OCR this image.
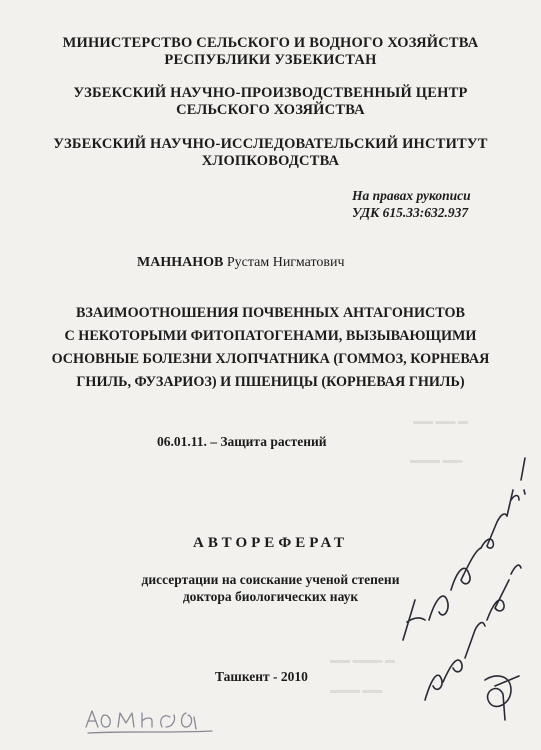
МИНИСТЕРСТВО СЕЛЬСКОГО И ВОДНОГО ХОЗЯЙСТВА
РЕСПУБЛИКИ УЗБЕКИСТАН
УЗБЕКСКИЙ НАУЧНО-ПРОИЗВОДСТВЕННЫЙ ЦЕНТР
СЕЛЬСКОГО ХОЗЯЙСТВА
УЗБЕКСКИЙ НАУЧНО-ИССЛЕДОВАТЕЛЬСКИЙ ИНСТИТУТ
ХЛОПКОВОДСТВА
На правах рукописи
УДК 615.33:632.937
МАННАНОВ Рустам Нигматович
ВЗАИМООТНОШЕНИЯ ПОЧВЕННЫХ АНТАГОНИСТОВ
С НЕКОТОРЫМИ ФИТОПАТОГЕНАМИ, ВЫЗЫВАЮЩИМИ
ОСНОВНЫЕ БОЛЕЗНИ ХЛОПЧАТНИКА (ГОММОЗ, КОРНЕВАЯ
ГНИЛЬ, ФУЗАРИОЗ) И ПШЕНИЦЫ (КОРНЕВАЯ ГНИЛЬ)
06.01.11. – Защита растений
АВТОРЕФЕРАТ
диссертации на соискание ученой степени
доктора биологических наук
Ташкент - 2010
▬▬ ▬▬ ▬
▬▬▬ ▬▬
▬▬ ▬▬▬ ▬
▬▬▬ ▬▬
